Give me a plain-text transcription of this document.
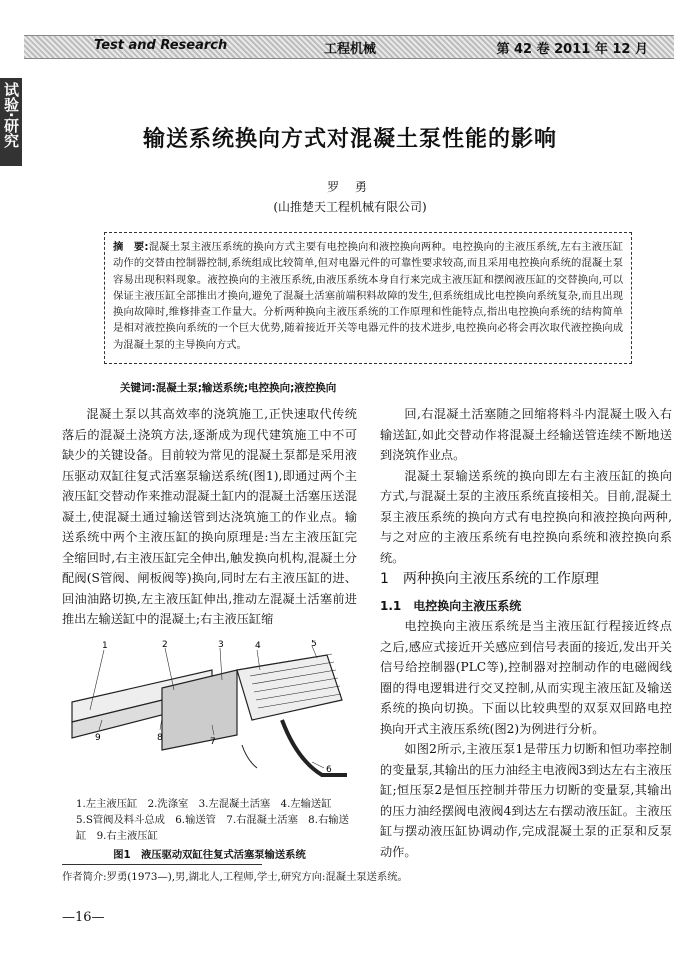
Test and Research	工程机械	第 42 卷 2011 年 12 月
试验·研究	输送系统换向方式对混凝土泵性能的影响
罗 勇
(山推楚天工程机械有限公司)
摘　要:混凝土泵主液压系统的换向方式主要有电控换向和液控换向两种。电控换向的主液压系统,左右主液压缸动作的交替由控制器控制,系统组成比较简单,但对电器元件的可靠性要求较高,而且采用电控换向系统的混凝土泵容易出现积料现象。液控换向的主液压系统,由液压系统本身自行来完成主液压缸和摆阀液压缸的交替换向,可以保证主液压缸全部推出才换向,避免了混凝土活塞前端积料故障的发生,但系统组成比电控换向系统复杂,而且出现换向故障时,维修排查工作量大。分析两种换向主液压系统的工作原理和性能特点,指出电控换向系统的结构简单是相对液控换向系统的一个巨大优势,随着接近开关等电器元件的技术进步,电控换向必将会再次取代液控换向成为混凝土泵的主导换向方式。
关键词:混凝土泵;输送系统;电控换向;液控换向

混凝土泵以其高效率的浇筑施工,正快速取代传统落后的混凝土浇筑方法,逐渐成为现代建筑施工中不可缺少的关键设备。目前较为常见的混凝土泵都是采用液压驱动双缸往复式活塞泵输送系统(图1),即通过两个主液压缸交替动作来推动混凝土缸内的混凝土活塞压送混凝土,使混凝土通过输送管到达浇筑施工的作业点。输送系统中两个主液压缸的换向原理是:当左主液压缸完全缩回时,右主液压缸完全伸出,触发换向机构,混凝土分配阀(S管阀、闸板阀等)换向,同时左右主液压缸的进、回油油路切换,左主液压缸伸出,推动左混凝土活塞前进推出左输送缸中的混凝土;右主液压缸缩

回,右混凝土活塞随之回缩将料斗内混凝土吸入右输送缸,如此交替动作将混凝土经输送管连续不断地送到浇筑作业点。

混凝土泵输送系统的换向即左右主液压缸的换向方式,与混凝土泵的主液压系统直接相关。目前,混凝土泵主液压系统的换向方式有电控换向和液控换向两种,与之对应的主液压系统有电控换向系统和液控换向系统。

1　两种换向主液压系统的工作原理
1.1　电控换向主液压系统

电控换向主液压系统是当主液压缸行程接近终点之后,感应式接近开关感应到信号表面的接近,发出开关信号给控制器(PLC等),控制器对控制动作的电磁阀线圈的得电逻辑进行交叉控制,从而实现主液压缸及输送系统的换向切换。下面以比较典型的双泵双回路电控换向开式主液压系统(图2)为例进行分析。

如图2所示,主液压泵1是带压力切断和恒功率控制的变量泵,其输出的压力油经主电液阀3到达左右主液压缸;恒压泵2是恒压控制并带压力切断的变量泵,其输出的压力油经摆阀电液阀4到达左右摆动液压缸。主液压缸与摆动液压缸协调动作,完成混凝土泵的正泵和反泵动作。

1	2	3	4	5
6
7
8
9
1.左主液压缸　2.洗涤室　3.左混凝土活塞　4.左输送缸　5.S管阀及料斗总成　6.输送管　7.右混凝土活塞　8.右输送缸　9.右主液压缸
图1　液压驱动双缸往复式活塞泵输送系统
作者简介:罗勇(1973—),男,湖北人,工程师,学士,研究方向:混凝土泵送系统。
—16—
